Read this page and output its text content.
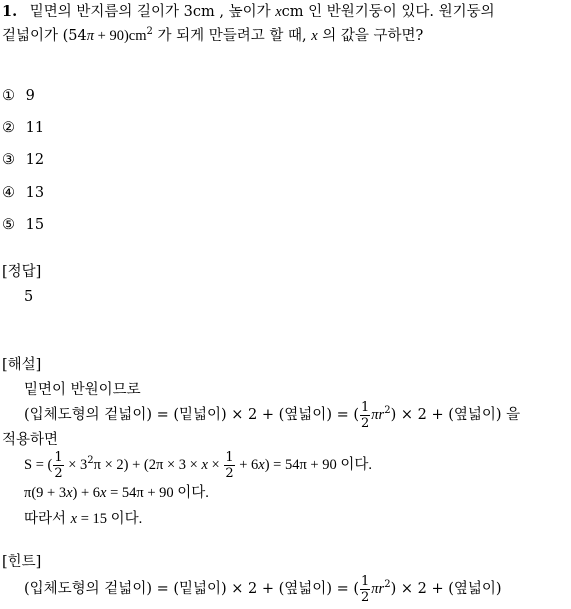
1. 밑면의 반지름의 길이가 3cm , 높이가 xcm 인 반원기둥이 있다. 원기둥의
겉넓이가 $(54\pi + 90)cm^2$ 가 되게 만들려고 할 때, x 의 값을 구하면?
① 9
② 11
③ 12
④ 13
⑤ 15
[정답]
5
[해설]
밑면이 반원이므로
(입체도형의 겉넓이) = (밑넓이) × 2 + (옆넓이) = ( $\frac{1}{2} \pi r^2) \times 2$ + (옆넓이) 을
적용하면
S = ( $\frac{1}{2} \times 3^2\pi \times 2) + (2\pi \times 3 \times x \times \frac{1}{2} + 6x) = 54\pi + 90$ 이다.
π(9 + 3x) + 6x = 54π + 90 이다.
따라서 x = 15 이다.
[힌트]
(입체도형의 겉넓이) = (밑넓이) × 2 + (옆넓이) = ( $\frac{1}{2} \pi r^2) \times 2$ + (옆넓이)
